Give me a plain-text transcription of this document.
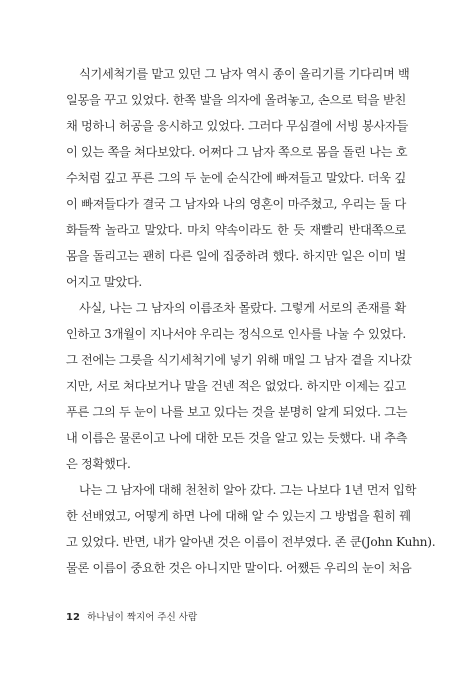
식기세척기를 맡고 있던 그 남자 역시 종이 올리기를 기다리며 백
일몽을 꾸고 있었다. 한쪽 발을 의자에 올려놓고, 손으로 턱을 받친
채 멍하니 허공을 응시하고 있었다. 그러다 무심결에 서빙 봉사자들
이 있는 쪽을 쳐다보았다. 어쩌다 그 남자 쪽으로 몸을 돌린 나는 호
수처럼 깊고 푸른 그의 두 눈에 순식간에 빠져들고 말았다. 더욱 깊
이 빠져들다가 결국 그 남자와 나의 영혼이 마주쳤고, 우리는 둘 다
화들짝 놀라고 말았다. 마치 약속이라도 한 듯 재빨리 반대쪽으로
몸을 돌리고는 괜히 다른 일에 집중하려 했다. 하지만 일은 이미 벌
어지고 말았다.
사실, 나는 그 남자의 이름조차 몰랐다. 그렇게 서로의 존재를 확
인하고 3개월이 지나서야 우리는 정식으로 인사를 나눌 수 있었다.
그 전에는 그릇을 식기세척기에 넣기 위해 매일 그 남자 곁을 지나갔
지만, 서로 쳐다보거나 말을 건넨 적은 없었다. 하지만 이제는 깊고
푸른 그의 두 눈이 나를 보고 있다는 것을 분명히 알게 되었다. 그는
내 이름은 물론이고 나에 대한 모든 것을 알고 있는 듯했다. 내 추측
은 정확했다.
나는 그 남자에 대해 천천히 알아 갔다. 그는 나보다 1년 먼저 입학
한 선배였고, 어떻게 하면 나에 대해 알 수 있는지 그 방법을 훤히 꿰
고 있었다. 반면, 내가 알아낸 것은 이름이 전부였다. 존 쿤(John Kuhn).
물론 이름이 중요한 것은 아니지만 말이다. 어쨌든 우리의 눈이 처음
12 하나님이 짝지어 주신 사람
